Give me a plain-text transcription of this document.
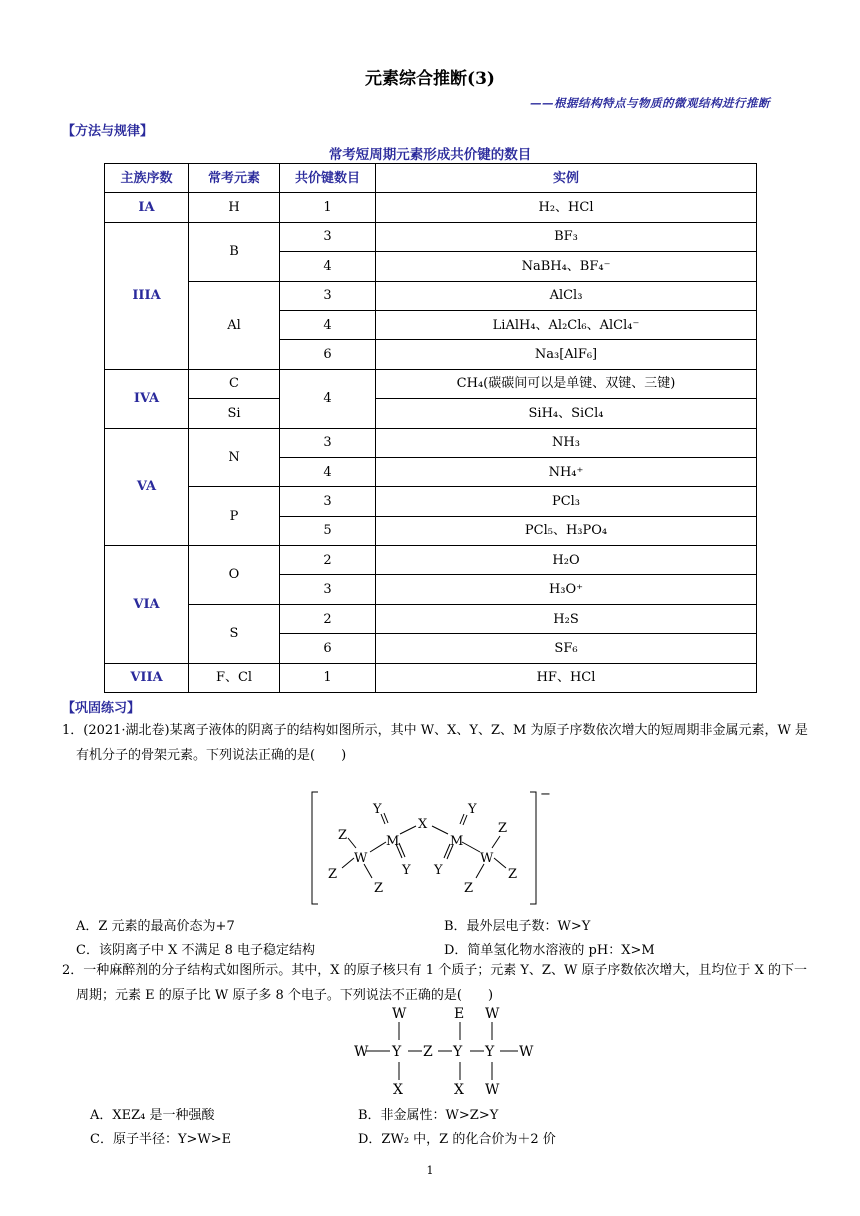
元素综合推断(3)
——根据结构特点与物质的微观结构进行推断
【方法与规律】
常考短周期元素形成共价键的数目
主族序数	常考元素	共价键数目	实例
IA	H	1	H₂、HCl
IIIA	B	3	BF₃
		4	NaBH₄、BF₄⁻
	Al	3	AlCl₃
		4	LiAlH₄、Al₂Cl₆、AlCl₄⁻
		6	Na₃[AlF₆]
IVA	C	4	CH₄(碳碳间可以是单键、双键、三键)
	Si		SiH₄、SiCl₄
VA	N	3	NH₃
		4	NH₄⁺
	P	3	PCl₃
		5	PCl₅、H₃PO₄
VIA	O	2	H₂O
		3	H₃O⁺
	S	2	H₂S
		6	SF₆
VIIA	F、Cl	1	HF、HCl
【巩固练习】
1．(2021·湖北卷)某离子液体的阴离子的结构如图所示，其中 W、X、Y、Z、M 为原子序数依次增大的短周期非金属元素，W 是有机分子的骨架元素。下列说法正确的是(　　)
−
Y	Y
X
M	M
Z	Z
W	W
Y Y
Z	Z
Z	Z
A．Z 元素的最高价态为+7	B．最外层电子数：W>Y
C．该阴离子中 X 不满足 8 电子稳定结构	D．简单氢化物水溶液的 pH：X>M
2．一种麻醉剂的分子结构式如图所示。其中，X 的原子核只有 1 个质子；元素 Y、Z、W 原子序数依次增大，且均位于 X 的下一周期；元素 E 的原子比 W 原子多 8 个电子。下列说法不正确的是(　　)
W	E W
W Y Z Y Y W
X	X W
A．XEZ₄ 是一种强酸	B．非金属性：W>Z>Y
C．原子半径：Y>W>E	D．ZW₂ 中，Z 的化合价为＋2 价
1
